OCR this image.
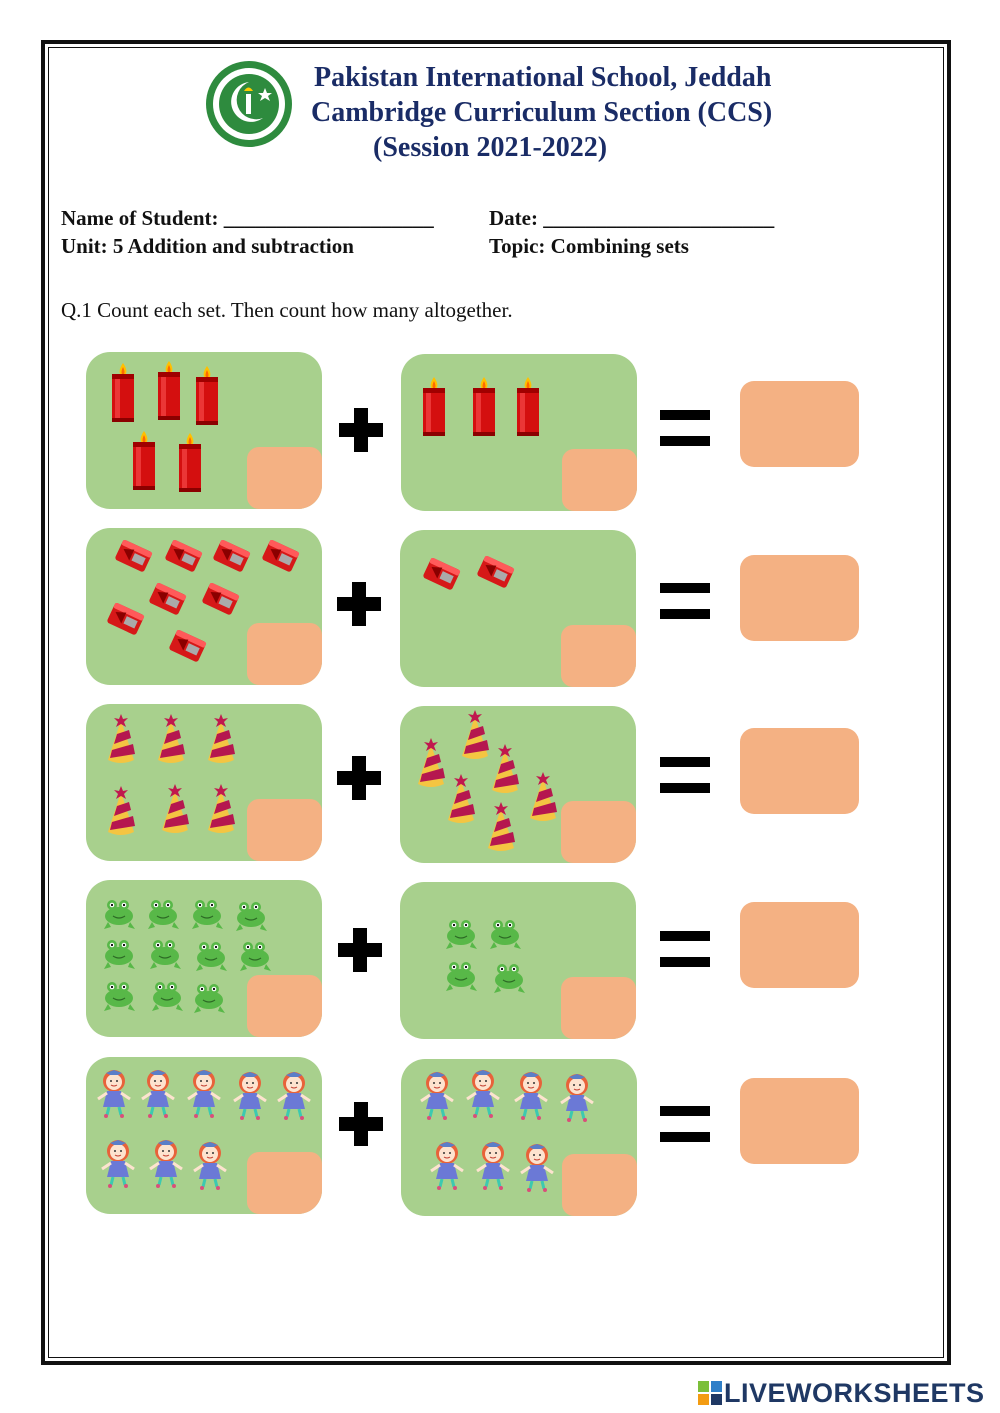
Pakistan International School, Jeddah
Cambridge Curriculum Section (CCS)
(Session 2021-2022)
Name of Student: ____________________	Date: ______________________
Unit: 5 Addition and subtraction	Topic: Combining sets
Q.1 Count each set. Then count how many altogether.
LIVEWORKSHEETS
